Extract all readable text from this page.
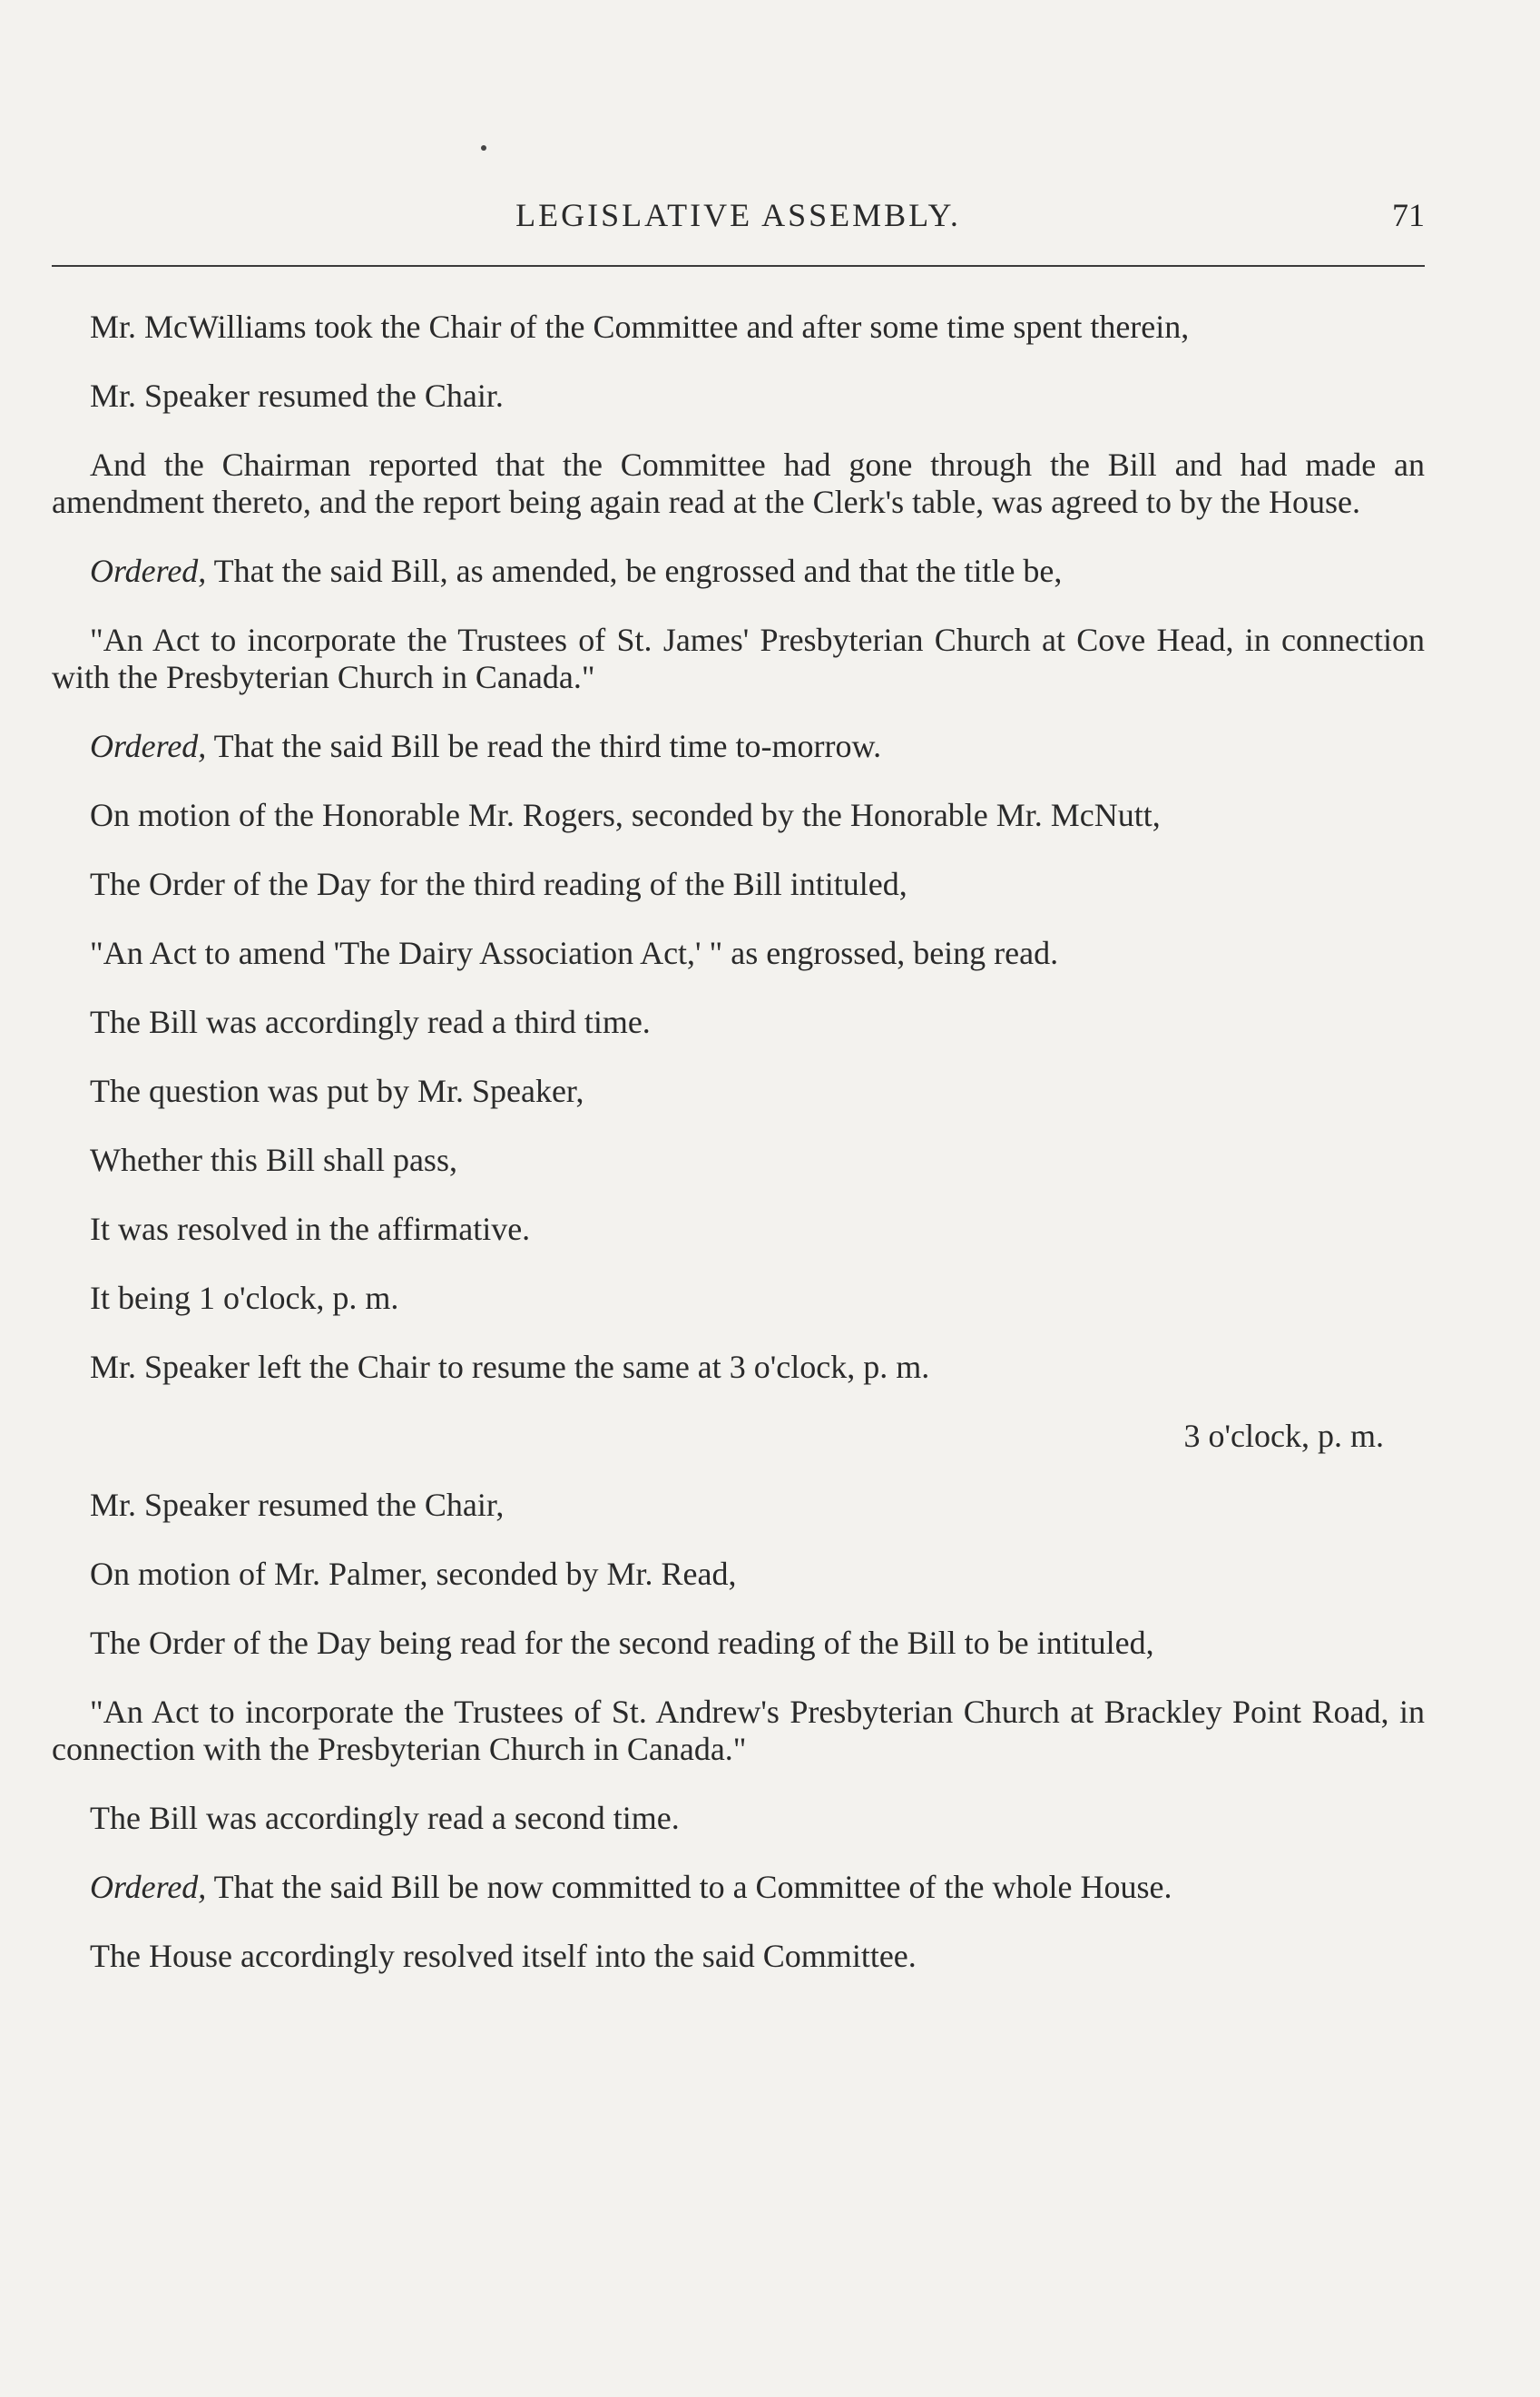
LEGISLATIVE ASSEMBLY.	71

Mr. McWilliams took the Chair of the Committee and after some time spent therein,

Mr. Speaker resumed the Chair.

And the Chairman reported that the Committee had gone through the Bill and had made an amendment thereto, and the report being again read at the Clerk's table, was agreed to by the House.

Ordered, That the said Bill, as amended, be engrossed and that the title be,

"An Act to incorporate the Trustees of St. James' Presbyterian Church at Cove Head, in connection with the Presbyterian Church in Canada."

Ordered, That the said Bill be read the third time to-morrow.

On motion of the Honorable Mr. Rogers, seconded by the Honorable Mr. McNutt,

The Order of the Day for the third reading of the Bill intituled,

"An Act to amend 'The Dairy Association Act,' " as engrossed, being read.

The Bill was accordingly read a third time.

The question was put by Mr. Speaker,

Whether this Bill shall pass,

It was resolved in the affirmative.

It being 1 o'clock, p. m.

Mr. Speaker left the Chair to resume the same at 3 o'clock, p. m.

3 o'clock, p. m.

Mr. Speaker resumed the Chair,

On motion of Mr. Palmer, seconded by Mr. Read,

The Order of the Day being read for the second reading of the Bill to be intituled,

"An Act to incorporate the Trustees of St. Andrew's Presbyterian Church at Brackley Point Road, in connection with the Presbyterian Church in Canada."

The Bill was accordingly read a second time.

Ordered, That the said Bill be now committed to a Committee of the whole House.

The House accordingly resolved itself into the said Committee.
